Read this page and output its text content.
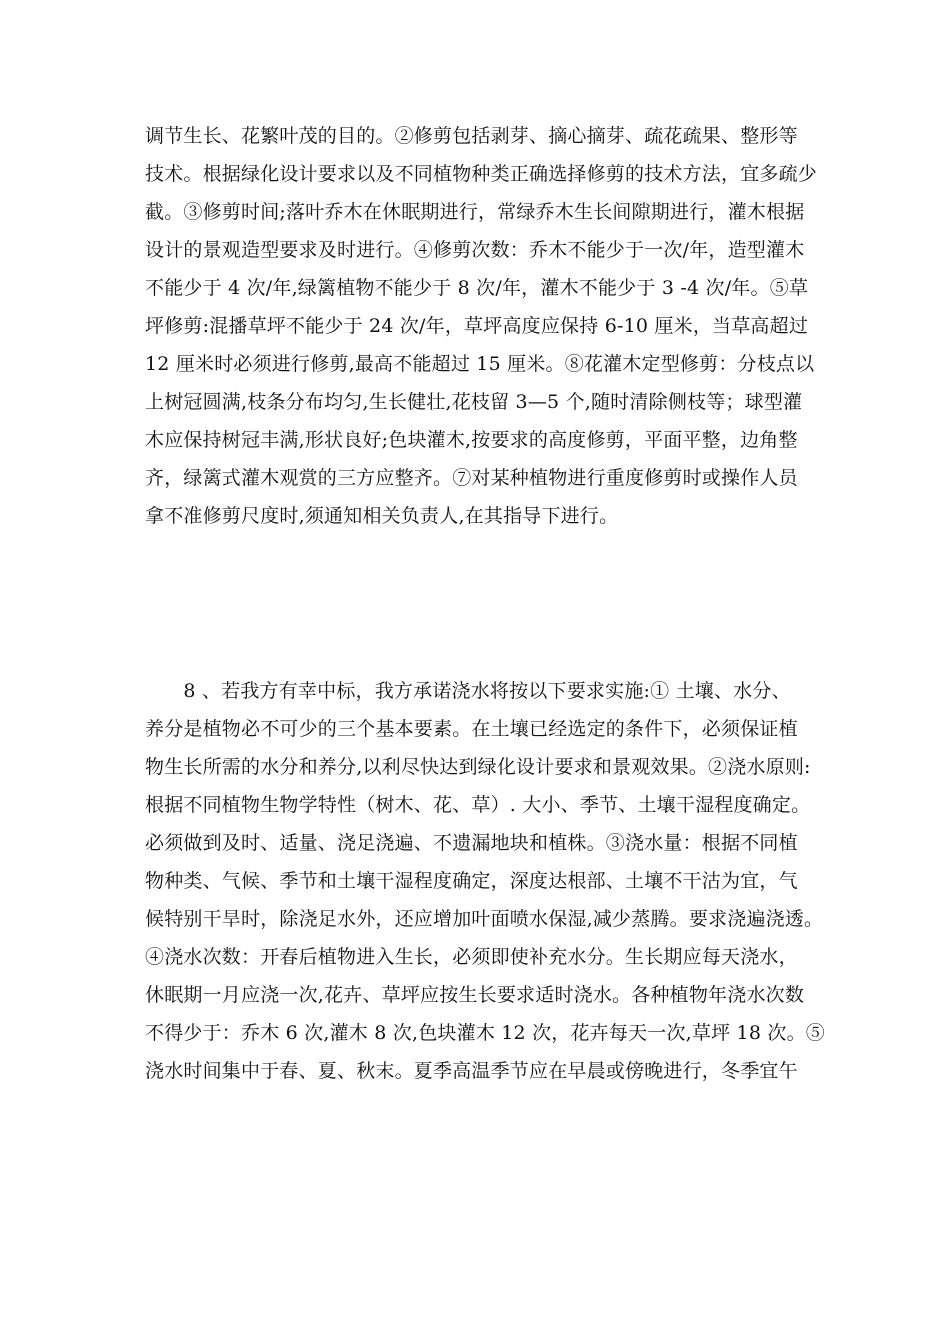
调节生长、花繁叶茂的目的。②修剪包括剥芽、摘心摘芽、疏花疏果、整形等
技术。根据绿化设计要求以及不同植物种类正确选择修剪的技术方法，宜多疏少
截。③修剪时间;落叶乔木在休眠期进行，常绿乔木生长间隙期进行，灌木根据
设计的景观造型要求及时进行。④修剪次数：乔木不能少于一次/年，造型灌木
不能少于 4 次/年,绿篱植物不能少于 8 次/年，灌木不能少于 3 -4 次/年。⑤草
坪修剪:混播草坪不能少于 24 次/年，草坪高度应保持 6-10 厘米，当草高超过
12 厘米时必须进行修剪,最高不能超过 15 厘米。⑧花灌木定型修剪：分枝点以
上树冠圆满,枝条分布均匀,生长健壮,花枝留 3—5 个,随时清除侧枝等；球型灌
木应保持树冠丰满,形状良好;色块灌木,按要求的高度修剪，平面平整，边角整
齐，绿篱式灌木观赏的三方应整齐。⑦对某种植物进行重度修剪时或操作人员
拿不准修剪尺度时,须通知相关负责人,在其指导下进行。
　　8 、若我方有幸中标，我方承诺浇水将按以下要求实施:① 土壤、水分、
养分是植物必不可少的三个基本要素。在土壤已经选定的条件下，必须保证植
物生长所需的水分和养分,以利尽快达到绿化设计要求和景观效果。②浇水原则:
根据不同植物生物学特性（树木、花、草）. 大小、季节、土壤干湿程度确定。
必须做到及时、适量、浇足浇遍、不遗漏地块和植株。③浇水量：根据不同植
物种类、气候、季节和土壤干湿程度确定，深度达根部、土壤不干沽为宜，气
候特别干旱时，除浇足水外，还应增加叶面喷水保湿,减少蒸腾。要求浇遍浇透。
④浇水次数：开春后植物进入生长，必须即使补充水分。生长期应每天浇水，
休眠期一月应浇一次,花卉、草坪应按生长要求适时浇水。各种植物年浇水次数
不得少于：乔木 6 次,灌木 8 次,色块灌木 12 次，花卉每天一次,草坪 18 次。⑤
浇水时间集中于春、夏、秋末。夏季高温季节应在早晨或傍晚进行，冬季宜午
